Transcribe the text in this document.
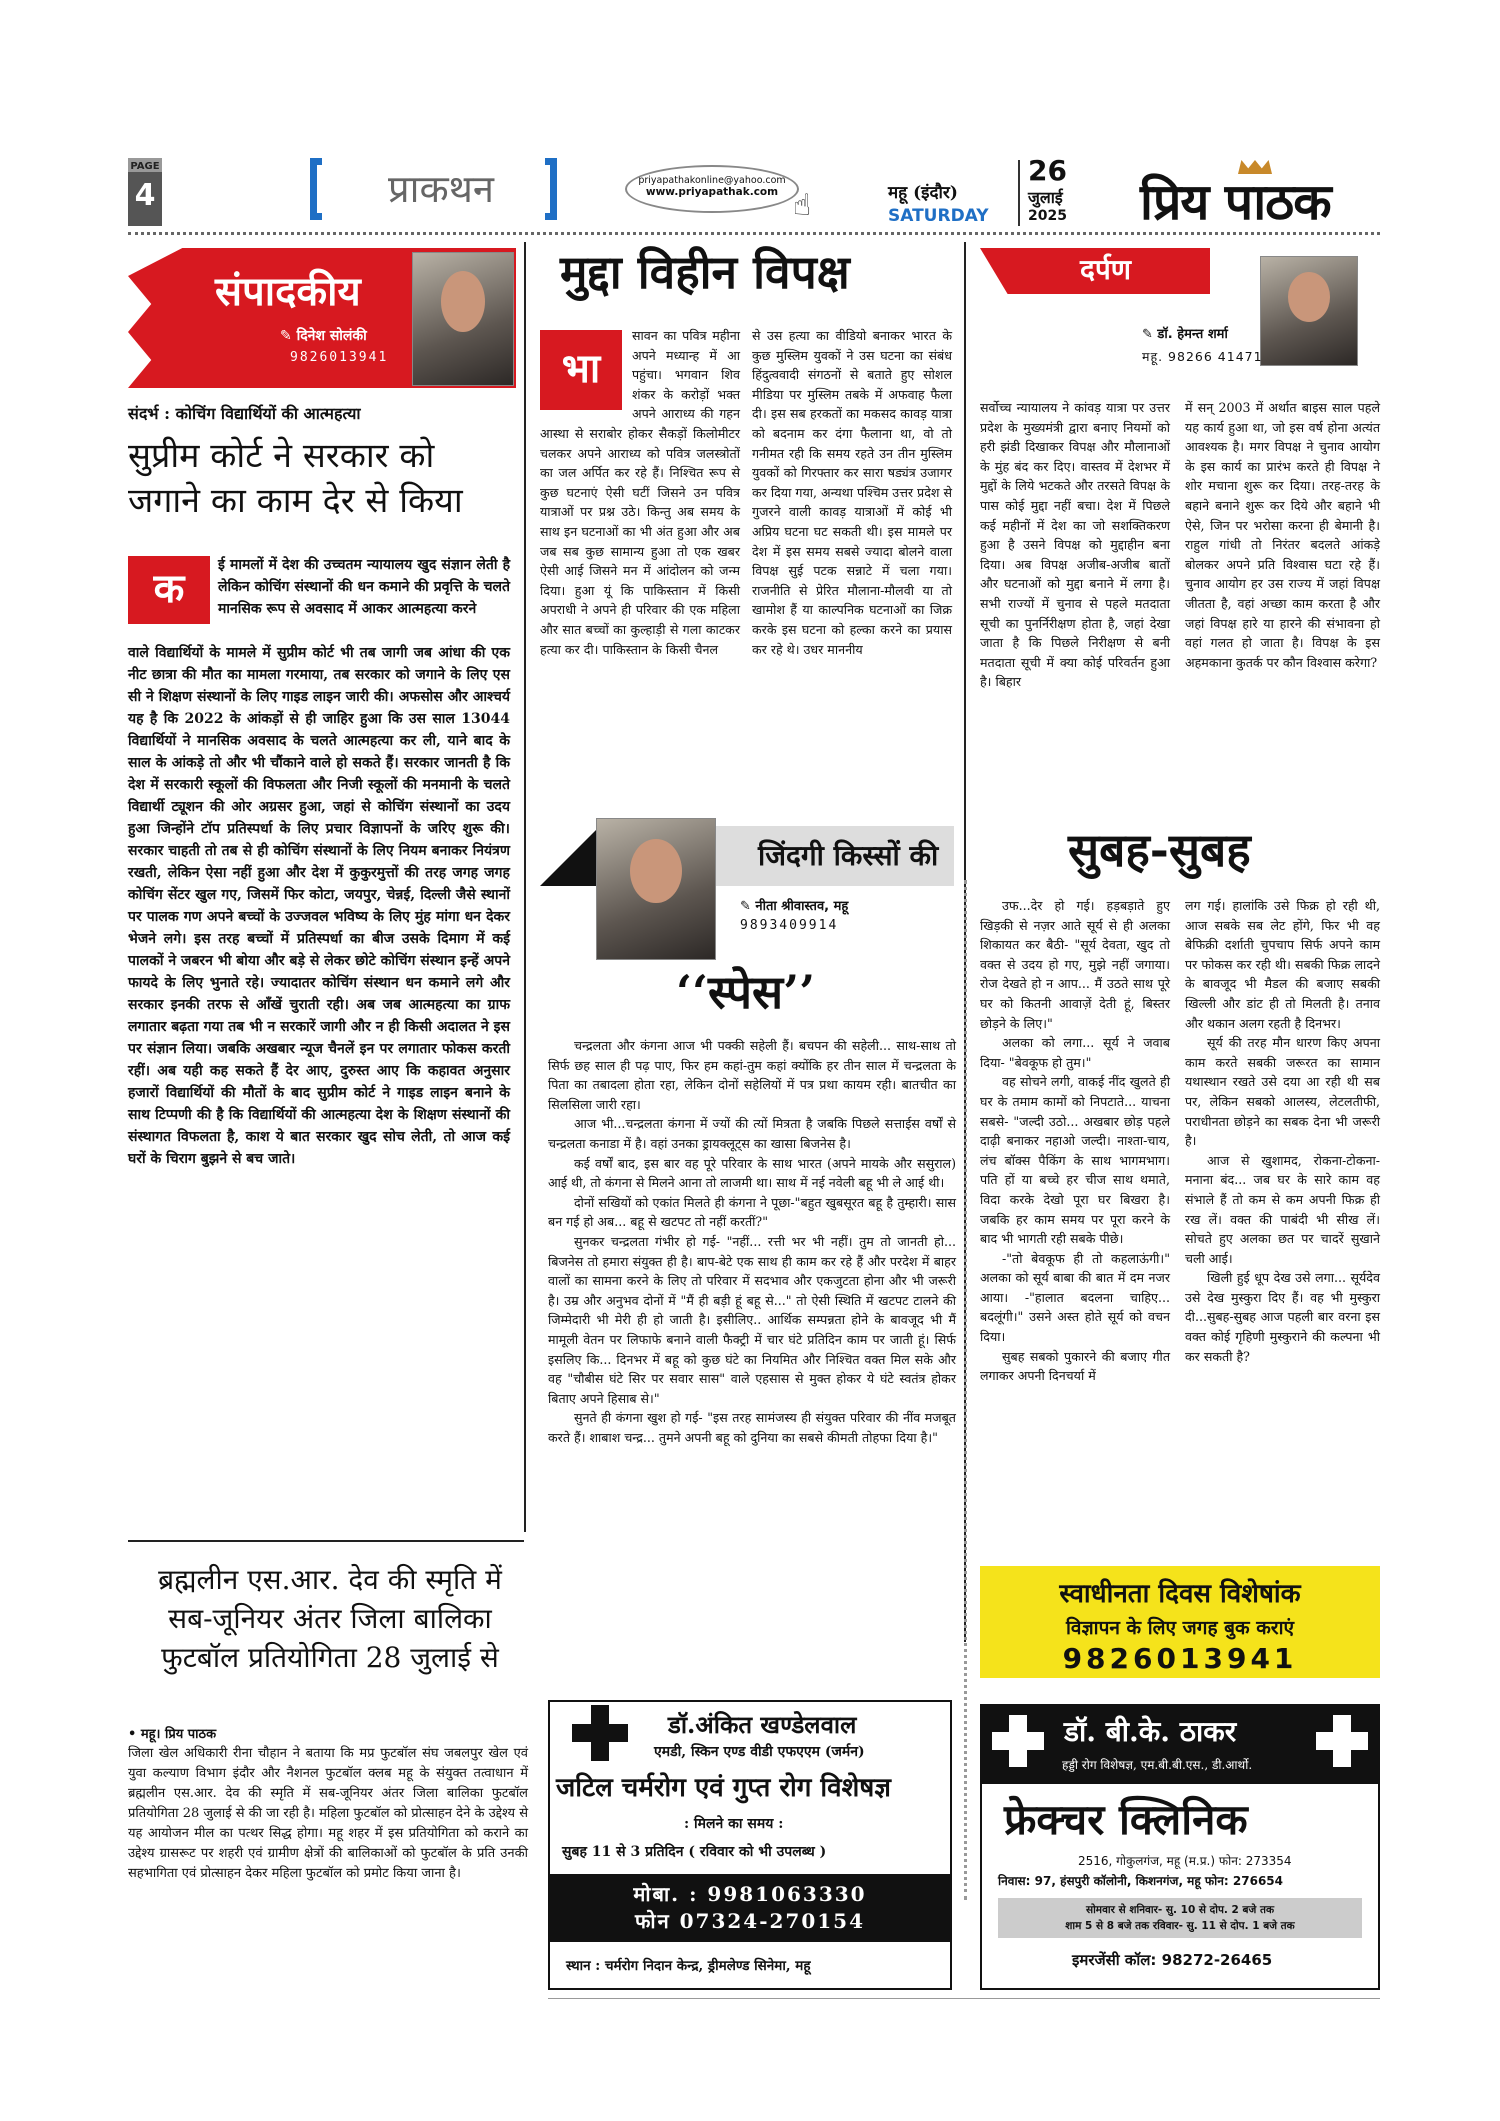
PAGE
4	प्राकथन	priyapathakonline@yahoo.com
www.priyapathak.com ☝	महू (इंदौर)
SATURDAY
26
जुलाई
2025 प्रिय पाठक
संपादकीय
✎ दिनेश सोलंकी
9826013941
संदर्भ : कोचिंग विद्यार्थियों की आत्महत्या
सुप्रीम कोर्ट ने सरकार को जगाने का काम देर से किया
क

ई मामलों में देश की उच्चतम न्यायालय खुद संज्ञान लेती है लेकिन कोचिंग संस्थानों की धन कमाने की प्रवृत्ति के चलते मानसिक रूप से अवसाद में आकर आत्महत्या करने

वाले विद्यार्थियों के मामले में सुप्रीम कोर्ट भी तब जागी जब आंधा की एक नीट छात्रा की मौत का मामला गरमाया, तब सरकार को जगाने के लिए एस सी ने शिक्षण संस्थानों के लिए गाइड लाइन जारी की। अफसोस और आश्चर्य यह है कि 2022 के आंकड़ों से ही जाहिर हुआ कि उस साल 13044 विद्यार्थियों ने मानसिक अवसाद के चलते आत्महत्या कर ली, याने बाद के साल के आंकड़े तो और भी चौंकाने वाले हो सकते हैं। सरकार जानती है कि देश में सरकारी स्कूलों की विफलता और निजी स्कूलों की मनमानी के चलते विद्यार्थी ट्यूशन की ओर अग्रसर हुआ, जहां से कोचिंग संस्थानों का उदय हुआ जिन्होंने टॉप प्रतिस्पर्धा के लिए प्रचार विज्ञापनों के जरिए शुरू की। सरकार चाहती तो तब से ही कोचिंग संस्थानों के लिए नियम बनाकर नियंत्रण रखती, लेकिन ऐसा नहीं हुआ और देश में कुकुरमुत्तों की तरह जगह जगह कोचिंग सेंटर खुल गए, जिसमें फिर कोटा, जयपुर, चेन्नई, दिल्ली जैसे स्थानों पर पालक गण अपने बच्चों के उज्जवल भविष्य के लिए मुंह मांगा धन देकर भेजने लगे। इस तरह बच्चों में प्रतिस्पर्धा का बीज उसके दिमाग में कई पालकों ने जबरन भी बोया और बड़े से लेकर छोटे कोचिंग संस्थान इन्हें अपने फायदे के लिए भुनाते रहे। ज्यादातर कोचिंग संस्थान धन कमाने लगे और सरकार इनकी तरफ से आँखें चुराती रही। अब जब आत्महत्या का ग्राफ लगातार बढ़ता गया तब भी न सरकारें जागी और न ही किसी अदालत ने इस पर संज्ञान लिया। जबकि अखबार न्यूज चैनलें इन पर लगातार फोकस करती रहीं। अब यही कह सकते हैं देर आए, दुरुस्त आए कि कहावत अनुसार हजारों विद्यार्थियों की मौतों के बाद सुप्रीम कोर्ट ने गाइड लाइन बनाने के साथ टिप्पणी की है कि विद्यार्थियों की आत्महत्या देश के शिक्षण संस्थानों की संस्थागत विफलता है, काश ये बात सरकार खुद सोच लेती, तो आज कई घरों के चिराग बुझने से बच जाते।

ब्रह्मलीन एस.आर. देव की स्मृति में सब-जूनियर अंतर जिला बालिका फुटबॉल प्रतियोगिता 28 जुलाई से
• महू। प्रिय पाठक

जिला खेल अधिकारी रीना चौहान ने बताया कि मप्र फुटबॉल संघ जबलपुर खेल एवं युवा कल्याण विभाग इंदौर और नैशनल फुटबॉल क्लब महू के संयुक्त तत्वाधान में ब्रह्मलीन एस.आर. देव की स्मृति में सब-जूनियर अंतर जिला बालिका फुटबॉल प्रतियोगिता 28 जुलाई से की जा रही है। महिला फुटबॉल को प्रोत्साहन देने के उद्देश्य से यह आयोजन मील का पत्थर सिद्ध होगा। महू शहर में इस प्रतियोगिता को कराने का उद्देश्य ग्रासरूट पर शहरी एवं ग्रामीण क्षेत्रों की बालिकाओं को फुटबॉल के प्रति उनकी सहभागिता एवं प्रोत्साहन देकर महिला फुटबॉल को प्रमोट किया जाना है।

मुद्दा विहीन विपक्ष
भा

सावन का पवित्र महीना अपने मध्यान्ह में आ पहुंचा। भगवान शिव शंकर के करोड़ों भक्त अपने आराध्य की गहन आस्था से सराबोर होकर सैकड़ों किलोमीटर चलकर अपने आराध्य को पवित्र जलस्त्रोतों का जल अर्पित कर रहे हैं। निश्चित रूप से कुछ घटनाएं ऐसी घटीं जिसने उन पवित्र यात्राओं पर प्रश्न उठे। किन्तु अब समय के साथ इन घटनाओं का भी अंत हुआ और अब जब सब कुछ सामान्य हुआ तो एक खबर ऐसी आई जिसने मन में आंदोलन को जन्म दिया। हुआ यूं कि पाकिस्तान में किसी अपराधी ने अपने ही परिवार की एक महिला और सात बच्चों का कुल्हाड़ी से गला काटकर हत्या कर दी। पाकिस्तान के किसी चैनल

से उस हत्या का वीडियो बनाकर भारत के कुछ मुस्लिम युवकों ने उस घटना का संबंध हिंदुत्ववादी संगठनों से बताते हुए सोशल मीडिया पर मुस्लिम तबके में अफवाह फैला दी। इस सब हरकतों का मकसद कावड़ यात्रा को बदनाम कर दंगा फैलाना था, वो तो गनीमत रही कि समय रहते उन तीन मुस्लिम युवकों को गिरफ्तार कर सारा षड्यंत्र उजागर कर दिया गया, अन्यथा पश्चिम उत्तर प्रदेश से गुजरने वाली कावड़ यात्राओं में कोई भी अप्रिय घटना घट सकती थी। इस मामले पर देश में इस समय सबसे ज्यादा बोलने वाला विपक्ष सुई पटक सन्नाटे में चला गया। राजनीति से प्रेरित मौलाना-मौलवी या तो खामोश हैं या काल्पनिक घटनाओं का जिक्र करके इस घटना को हल्का करने का प्रयास कर रहे थे। उधर माननीय

दर्पण
✎ डॉ. हेमन्त शर्मा
महू. 98266 41471

सर्वोच्च न्यायालय ने कांवड़ यात्रा पर उत्तर प्रदेश के मुख्यमंत्री द्वारा बनाए नियमों को हरी झंडी दिखाकर विपक्ष और मौलानाओं के मुंह बंद कर दिए। वास्तव में देशभर में मुद्दों के लिये भटकते और तरसते विपक्ष के पास कोई मुद्दा नहीं बचा। देश में पिछले कई महीनों में देश का जो सशक्तिकरण हुआ है उसने विपक्ष को मुद्दाहीन बना दिया। अब विपक्ष अजीब-अजीब बातों और घटनाओं को मुद्दा बनाने में लगा है। सभी राज्यों में चुनाव से पहले मतदाता सूची का पुनर्निरीक्षण होता है, जहां देखा जाता है कि पिछले निरीक्षण से बनी मतदाता सूची में क्या कोई परिवर्तन हुआ है। बिहार

में सन् 2003 में अर्थात बाइस साल पहले यह कार्य हुआ था, जो इस वर्ष होना अत्यंत आवश्यक है। मगर विपक्ष ने चुनाव आयोग के इस कार्य का प्रारंभ करते ही विपक्ष ने शोर मचाना शुरू कर दिया। तरह-तरह के बहाने बनाने शुरू कर दिये और बहाने भी ऐसे, जिन पर भरोसा करना ही बेमानी है। राहुल गांधी तो निरंतर बदलते आंकड़े बोलकर अपने प्रति विश्वास घटा रहे हैं। चुनाव आयोग हर उस राज्य में जहां विपक्ष जीतता है, वहां अच्छा काम करता है और जहां विपक्ष हारे या हारने की संभावना हो वहां गलत हो जाता है। विपक्ष के इस अहमकाना कुतर्क पर कौन विश्वास करेगा?

जिंदगी किस्सों की
✎ नीता श्रीवास्तव, महू
9893409914
‘‘स्पेस’’

चन्द्रलता और कंगना आज भी पक्की सहेली हैं। बचपन की सहेली... साथ-साथ तो सिर्फ छह साल ही पढ़ पाए, फिर हम कहां-तुम कहां क्योंकि हर तीन साल में चन्द्रलता के पिता का तबादला होता रहा, लेकिन दोनों सहेलियों में पत्र प्रथा कायम रही। बातचीत का सिलसिला जारी रहा।

आज भी...चन्द्रलता कंगना में ज्यों की त्यों मित्रता है जबकि पिछले सत्ताईस वर्षों से चन्द्रलता कनाडा में है। वहां उनका ड्रायक्लूट्स का खासा बिजनेस है।

कई वर्षों बाद, इस बार वह पूरे परिवार के साथ भारत (अपने मायके और ससुराल) आई थी, तो कंगना से मिलने आना तो लाजमी था। साथ में नई नवेली बहू भी ले आई थी।

दोनों सखियों को एकांत मिलते ही कंगना ने पूछा-"बहुत खुबसूरत बहू है तुम्हारी। सास बन गई हो अब... बहू से खटपट तो नहीं करतीं?"

सुनकर चन्द्रलता गंभीर हो गई- "नहीं... रत्ती भर भी नहीं। तुम तो जानती हो... बिजनेस तो हमारा संयुक्त ही है। बाप-बेटे एक साथ ही काम कर रहे हैं और परदेश में बाहर वालों का सामना करने के लिए तो परिवार में सदभाव और एकजुटता होना और भी जरूरी है। उम्र और अनुभव दोनों में "मैं ही बड़ी हूं बहू से..." तो ऐसी स्थिति में खटपट टालने की जिम्मेदारी भी मेरी ही हो जाती है। इसीलिए.. आर्थिक सम्पन्नता होने के बावजूद भी मैं मामूली वेतन पर लिफाफे बनाने वाली फैक्ट्री में चार घंटे प्रतिदिन काम पर जाती हूं। सिर्फ इसलिए कि... दिनभर में बहू को कुछ घंटे का नियमित और निश्चित वक्त मिल सके और वह "चौबीस घंटे सिर पर सवार सास" वाले एहसास से मुक्त होकर ये घंटे स्वतंत्र होकर बिताए अपने हिसाब से।"

सुनते ही कंगना खुश हो गई- "इस तरह सामंजस्य ही संयुक्त परिवार की नींव मजबूत करते हैं। शाबाश चन्द्र... तुमने अपनी बहू को दुनिया का सबसे कीमती तोहफा दिया है।"

सुबह-सुबह

उफ...देर हो गई। हड़बड़ाते हुए खिड़की से नज़र आते सूर्य से ही अलका शिकायत कर बैठी- "सूर्य देवता, खुद तो वक्त से उदय हो गए, मुझे नहीं जगाया। रोज देखते हो न आप... मैं उठते साथ पूरे घर को कितनी आवाज़ें देती हूं, बिस्तर छोड़ने के लिए।"

अलका को लगा... सूर्य ने जवाब दिया- "बेवकूफ हो तुम।"

वह सोचने लगी, वाकई नींद खुलते ही घर के तमाम कामों को निपटाते... याचना सबसे- "जल्दी उठो... अखबार छोड़ पहले दाढ़ी बनाकर नहाओ जल्दी। नाश्ता-चाय, लंच बॉक्स पैकिंग के साथ भागमभाग। पति हों या बच्चे हर चीज साथ थमाते, विदा करके देखो पूरा घर बिखरा है। जबकि हर काम समय पर पूरा करने के बाद भी भागती रही सबके पीछे।

-"तो बेवकूफ ही तो कहलाऊंगी।" अलका को सूर्य बाबा की बात में दम नजर आया। -"हालात बदलना चाहिए... बदलूंगी।" उसने अस्त होते सूर्य को वचन दिया।

सुबह सबको पुकारने की बजाए गीत लगाकर अपनी दिनचर्या में

लग गई। हालांकि उसे फिक्र हो रही थी, आज सबके सब लेट होंगे, फिर भी वह बेफिक्री दर्शाती चुपचाप सिर्फ अपने काम पर फोकस कर रही थी। सबकी फिक्र लादने के बावजूद भी मैडल की बजाए सबकी खिल्ली और डांट ही तो मिलती है। तनाव और थकान अलग रहती है दिनभर।

सूर्य की तरह मौन धारण किए अपना काम करते सबकी जरूरत का सामान यथास्थान रखते उसे दया आ रही थी सब पर, लेकिन सबको आलस्य, लेटलतीफी, पराधीनता छोड़ने का सबक देना भी जरूरी है।

आज से खुशामद, रोकना-टोकना-मनाना बंद... जब घर के सारे काम वह संभाले हैं तो कम से कम अपनी फिक्र ही रख लें। वक्त की पाबंदी भी सीख लें। सोचते हुए अलका छत पर चादरें सुखाने चली आई।

खिली हुई धूप देख उसे लगा... सूर्यदेव उसे देख मुस्कुरा दिए हैं। वह भी मुस्कुरा दी...सुबह-सुबह आज पहली बार वरना इस वक्त कोई गृहिणी मुस्कुराने की कल्पना भी कर सकती है?

स्वाधीनता दिवस विशेषांक
विज्ञापन के लिए जगह बुक कराएं
9826013941
डॉ.अंकित खण्डेलवाल
एमडी, स्किन एण्ड वीडी एफएएम (जर्मन)
जटिल चर्मरोग एवं गुप्त रोग विशेषज्ञ
: मिलने का समय :
सुबह 11 से 3 प्रतिदिन ( रविवार को भी उपलब्ध )
मोबा. : 9981063330
फोन 07324-270154
स्थान : चर्मरोग निदान केन्द्र, ड्रीमलेण्ड सिनेमा, महू
डॉ. बी.के. ठाकर
हड्डी रोग विशेषज्ञ, एम.बी.बी.एस., डी.आर्थो.
फ्रेक्चर क्लिनिक
2516, गोकुलगंज, महू (म.प्र.) फोन: 273354
निवास: 97, हंसपुरी कॉलोनी, किशनगंज, महू फोन: 276654
सोमवार से शनिवार- सु. 10 से दोप. 2 बजे तक
शाम 5 से 8 बजे तक रविवार- सु. 11 से दोप. 1 बजे तक
इमरजेंसी कॉल: 98272-26465
